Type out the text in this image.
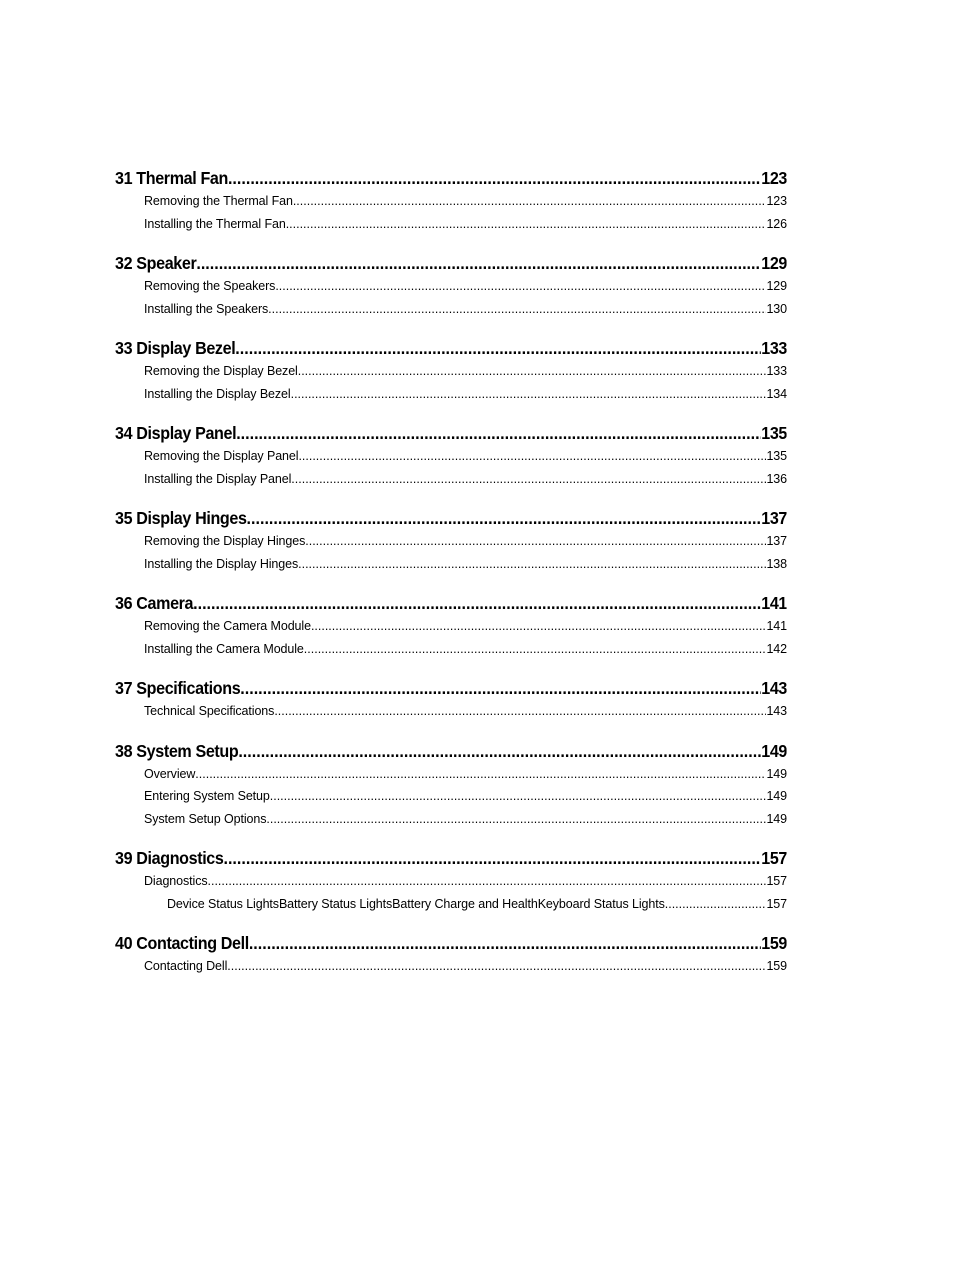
31 Thermal Fan .....	123
Removing the Thermal Fan .....	123
Installing the Thermal Fan .....	126
32 Speaker .....	129
Removing the Speakers .....	129
Installing the Speakers .....	130
33 Display Bezel .....	133
Removing the Display Bezel .....	133
Installing the Display Bezel .....	134
34 Display Panel .....	135
Removing the Display Panel .....	135
Installing the Display Panel .....	136
35 Display Hinges .....	137
Removing the Display Hinges .....	137
Installing the Display Hinges .....	138
36 Camera .....	141
Removing the Camera Module .....	141
Installing the Camera Module .....	142
37 Specifications .....	143
Technical Specifications .....	143
38 System Setup .....	149
Overview .....	149
Entering System Setup .....	149
System Setup Options .....	149
39 Diagnostics .....	157
Diagnostics .....	157
Device Status LightsBattery Status LightsBattery Charge and HealthKeyboard Status Lights .....	157
40 Contacting Dell .....	159
Contacting Dell .....	159
